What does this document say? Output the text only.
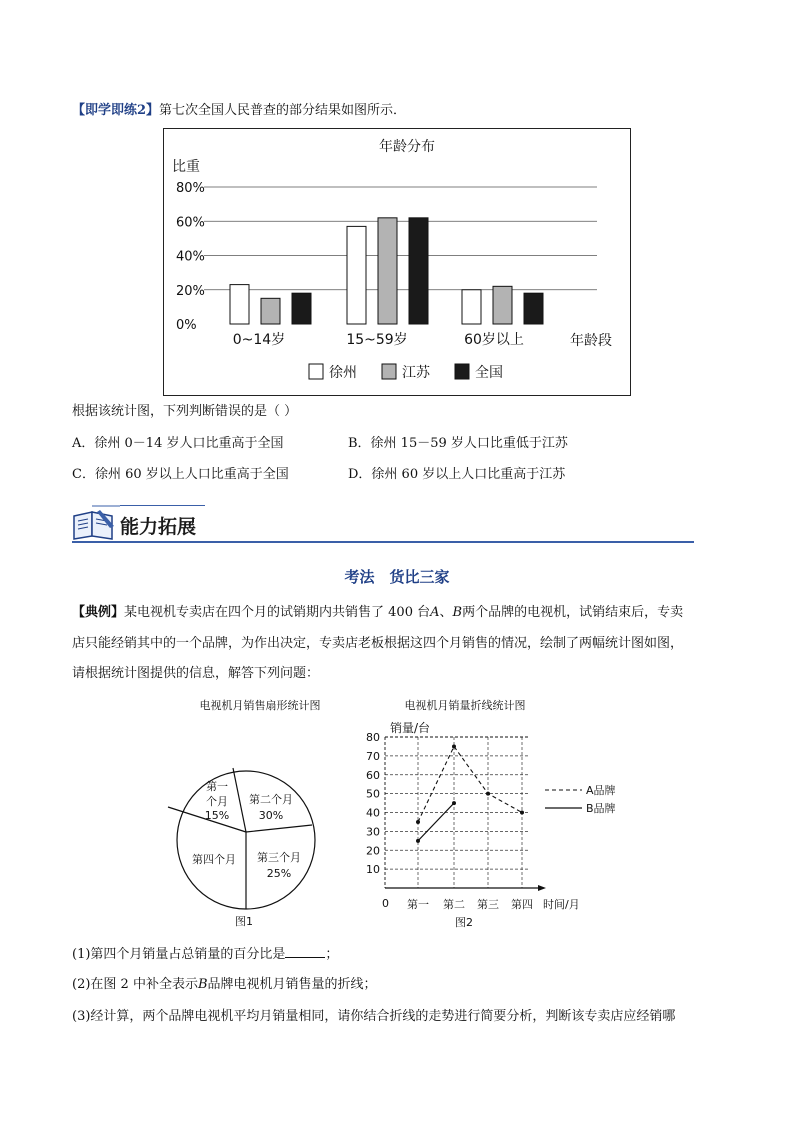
【即学即练2】第七次全国人民普查的部分结果如图所示．
年龄分布
比重
80%
60%
40%
20%
0%
0~14岁	15~59岁	60岁以上	年龄段
徐州	江苏	全国
根据该统计图，下列判断错误的是（ ）
A．徐州 0－14 岁人口比重高于全国	B．徐州 15－59 岁人口比重低于江苏
C．徐州 60 岁以上人口比重高于全国	D．徐州 60 岁以上人口比重高于江苏
能力拓展
考法　货比三家
【典例】某电视机专卖店在四个月的试销期内共销售了 400 台A、B两个品牌的电视机，试销结束后，专卖
店只能经销其中的一个品牌，为作出决定，专卖店老板根据这四个月销售的情况，绘制了两幅统计图如图，
请根据统计图提供的信息，解答下列问题：
电视机月销售扇形统计图
第一
个月
15%
第二个月
30%
第三个月
25%
第四个月
图1
电视机月销量折线统计图
销量/台
80
70
60
50
40
30
20
10
0 第一 第二 第三 第四 时间/月
图2
A品牌
B品牌
(1)第四个月销量占总销量的百分比是	；
(2)在图 2 中补全表示B品牌电视机月销售量的折线；
(3)经计算，两个品牌电视机平均月销量相同，请你结合折线的走势进行简要分析，判断该专卖店应经销哪
